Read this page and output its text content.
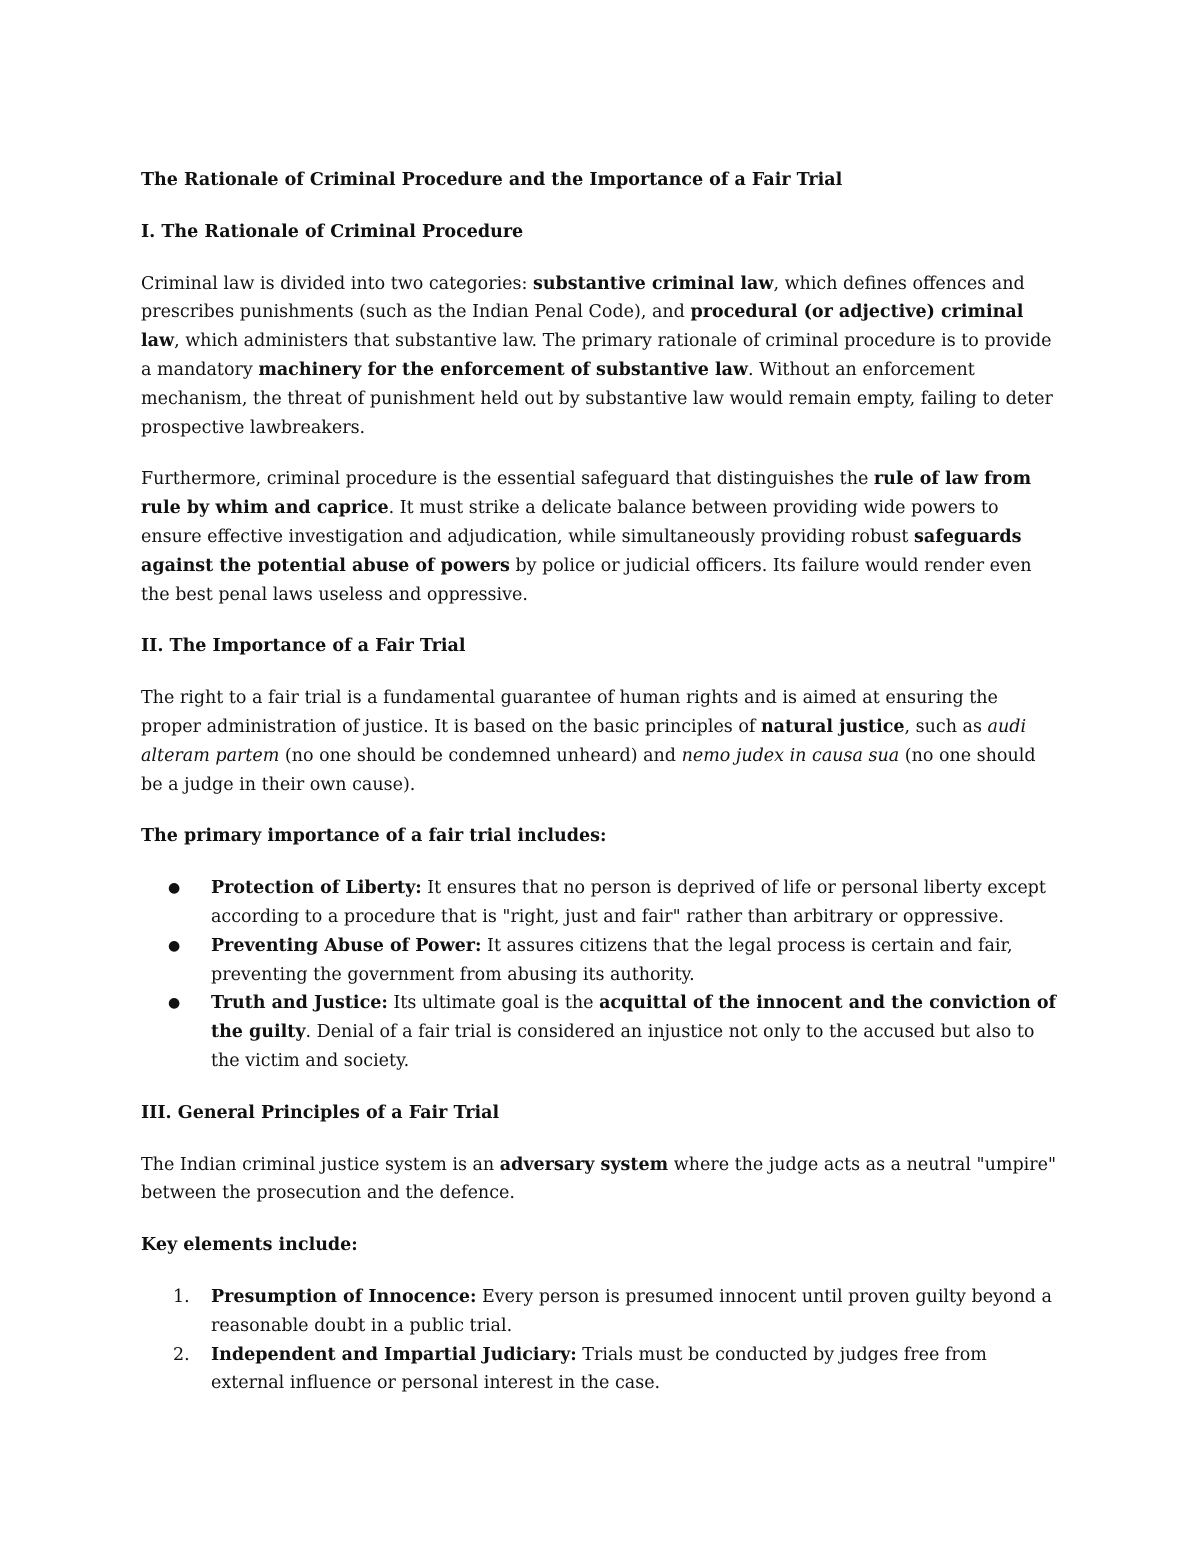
The Rationale of Criminal Procedure and the Importance of a Fair Trial
I. The Rationale of Criminal Procedure

Criminal law is divided into two categories: substantive criminal law, which defines offences and prescribes punishments (such as the Indian Penal Code), and procedural (or adjective) criminal law, which administers that substantive law. The primary rationale of criminal procedure is to provide a mandatory machinery for the enforcement of substantive law. Without an enforcement mechanism, the threat of punishment held out by substantive law would remain empty, failing to deter prospective lawbreakers.

Furthermore, criminal procedure is the essential safeguard that distinguishes the rule of law from rule by whim and caprice. It must strike a delicate balance between providing wide powers to ensure effective investigation and adjudication, while simultaneously providing robust safeguards against the potential abuse of powers by police or judicial officers. Its failure would render even the best penal laws useless and oppressive.

II. The Importance of a Fair Trial

The right to a fair trial is a fundamental guarantee of human rights and is aimed at ensuring the proper administration of justice. It is based on the basic principles of natural justice, such as audi alteram partem (no one should be condemned unheard) and nemo judex in causa sua (no one should be a judge in their own cause).

The primary importance of a fair trial includes:
● Protection of Liberty: It ensures that no person is deprived of life or personal liberty except according to a procedure that is "right, just and fair" rather than arbitrary or oppressive.
● Preventing Abuse of Power: It assures citizens that the legal process is certain and fair, preventing the government from abusing its authority.
● Truth and Justice: Its ultimate goal is the acquittal of the innocent and the conviction of the guilty. Denial of a fair trial is considered an injustice not only to the accused but also to the victim and society.
III. General Principles of a Fair Trial

The Indian criminal justice system is an adversary system where the judge acts as a neutral "umpire" between the prosecution and the defence.

Key elements include:
1. Presumption of Innocence: Every person is presumed innocent until proven guilty beyond a reasonable doubt in a public trial.
2. Independent and Impartial Judiciary: Trials must be conducted by judges free from external influence or personal interest in the case.
